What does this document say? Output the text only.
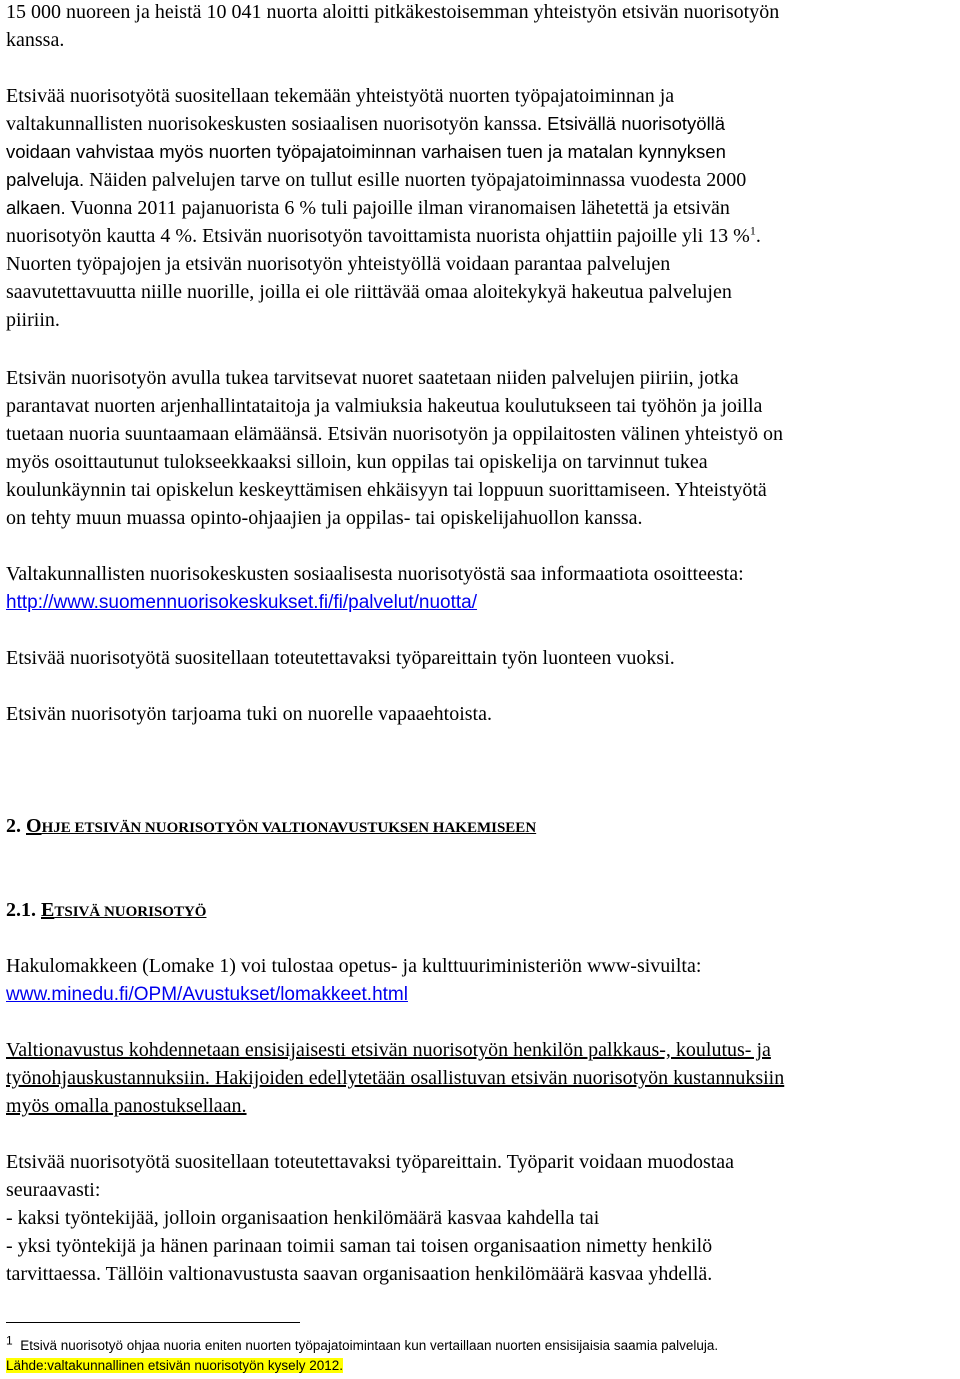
15 000 nuoreen ja heistä 10 041 nuorta aloitti pitkäkestoisemman yhteistyön etsivän nuorisotyön
kanssa.
Etsivää nuorisotyötä suositellaan tekemään yhteistyötä nuorten työpajatoiminnan ja
valtakunnallisten nuorisokeskusten sosiaalisen nuorisotyön kanssa. Etsivällä nuorisotyöllä
voidaan vahvistaa myös nuorten työpajatoiminnan varhaisen tuen ja matalan kynnyksen
palveluja. Näiden palvelujen tarve on tullut esille nuorten työpajatoiminnassa vuodesta 2000
alkaen. Vuonna 2011 pajanuorista 6 % tuli pajoille ilman viranomaisen lähetettä ja etsivän
nuorisotyön kautta 4 %. Etsivän nuorisotyön tavoittamista nuorista ohjattiin pajoille yli 13 %$^1$.
Nuorten työpajojen ja etsivän nuorisotyön yhteistyöllä voidaan parantaa palvelujen
saavutettavuutta niille nuorille, joilla ei ole riittävää omaa aloitekykyä hakeutua palvelujen
piiriin.
Etsivän nuorisotyön avulla tukea tarvitsevat nuoret saatetaan niiden palvelujen piiriin, jotka
parantavat nuorten arjenhallintataitoja ja valmiuksia hakeutua koulutukseen tai työhön ja joilla
tuetaan nuoria suuntaamaan elämäänsä. Etsivän nuorisotyön ja oppilaitosten välinen yhteistyö on
myös osoittautunut tulokseekkaaksi silloin, kun oppilas tai opiskelija on tarvinnut tukea
koulunkäynnin tai opiskelun keskeyttämisen ehkäisyyn tai loppuun suorittamiseen. Yhteistyötä
on tehty muun muassa opinto-ohjaajien ja oppilas- tai opiskelijahuollon kanssa.
Valtakunnallisten nuorisokeskusten sosiaalisesta nuorisotyöstä saa informaatiota osoitteesta:
http://www.suomennuorisokeskukset.fi/fi/palvelut/nuotta/
Etsivää nuorisotyötä suositellaan toteutettavaksi työpareittain työn luonteen vuoksi.
Etsivän nuorisotyön tarjoama tuki on nuorelle vapaaehtoista.
2. OHJE ETSIVÄN NUORISOTYÖN VALTIONAVUSTUKSEN HAKEMISEEN
2.1. ETSIVÄ NUORISOTYÖ
Hakulomakkeen (Lomake 1) voi tulostaa opetus- ja kulttuuriministeriön www-sivuilta:
www.minedu.fi/OPM/Avustukset/lomakkeet.html
Valtionavustus kohdennetaan ensisijaisesti etsivän nuorisotyön henkilön palkkaus-, koulutus- ja
työnohjauskustannuksiin. Hakijoiden edellytetään osallistuvan etsivän nuorisotyön kustannuksiin
myös omalla panostuksellaan.
Etsivää nuorisotyötä suositellaan toteutettavaksi työpareittain. Työparit voidaan muodostaa
seuraavasti:
- kaksi työntekijää, jolloin organisaation henkilömäärä kasvaa kahdella tai
- yksi työntekijä ja hänen parinaan toimii saman tai toisen organisaation nimetty henkilö
tarvittaessa. Tällöin valtionavustusta saavan organisaation henkilömäärä kasvaa yhdellä.
$^1$ Etsivä nuorisotyö ohjaa nuoria eniten nuorten työpajatoimintaan kun vertaillaan nuorten ensisijaisia saamia palveluja.
Lähde:valtakunnallinen etsivän nuorisotyön kysely 2012.
